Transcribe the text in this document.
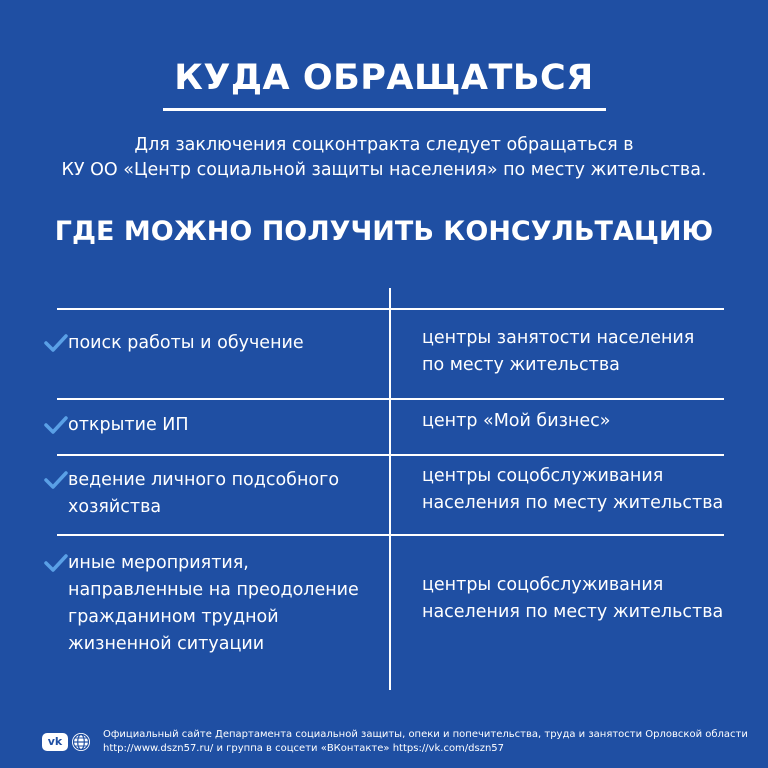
КУДА ОБРАЩАТЬСЯ
Для заключения соцконтракта следует обращаться в
КУ ОО «Центр социальной защиты населения» по месту жительства.
ГДЕ МОЖНО ПОЛУЧИТЬ КОНСУЛЬТАЦИЮ
поиск работы и обучение	центры занятости населения
по месту жительства
открытие ИП	центр «Мой бизнес»
ведение личного подсобного
хозяйства
центры соцобслуживания
населения по месту жительства
иные мероприятия,
направленные на преодоление
гражданином трудной
жизненной ситуации
центры соцобслуживания
населения по месту жительства
vk
Официальный сайте Департамента социальной защиты, опеки и попечительства, труда и занятости Орловской области
http://www.dszn57.ru/ и группа в соцсети «ВКонтакте» https://vk.com/dszn57
